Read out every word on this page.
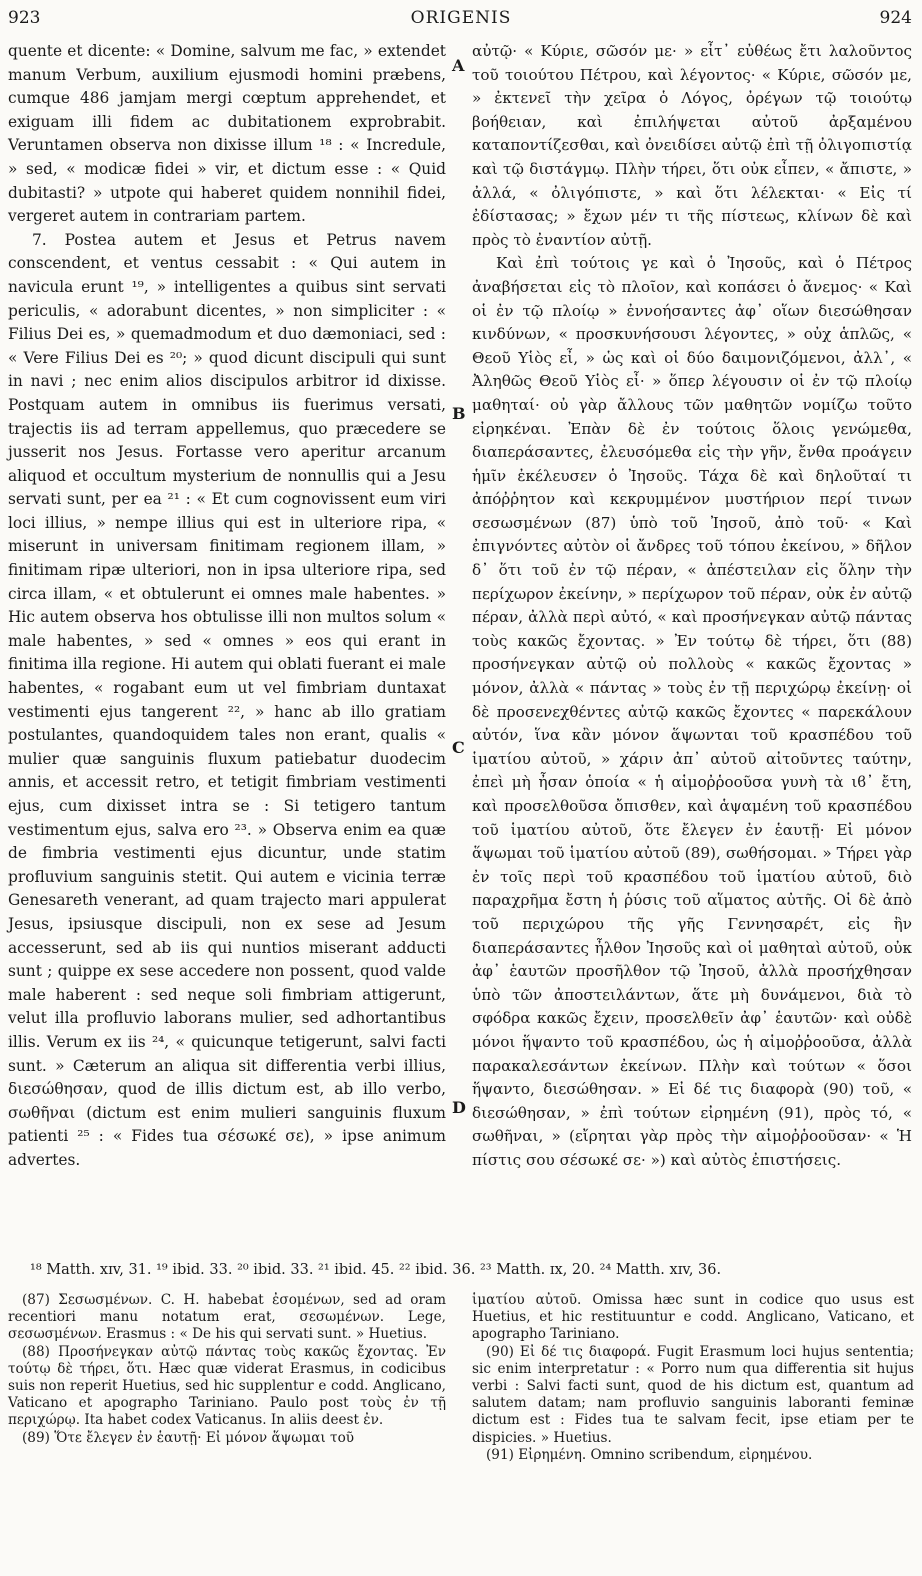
923	ORIGENIS	924

quente et dicente: « Domine, salvum me fac, » extendet manum Verbum, auxilium ejusmodi homini præbens, cumque 486 jamjam mergi cœptum apprehendet, et exiguam illi fidem ac dubitationem exprobrabit. Veruntamen observa non dixisse illum ¹⁸ : « Incredule, » sed, « modicæ fidei » vir, et dictum esse : « Quid dubitasti? » utpote qui haberet quidem nonnihil fidei, vergeret autem in contrariam partem.

7. Postea autem et Jesus et Petrus navem conscendent, et ventus cessabit : « Qui autem in navicula erunt ¹⁹, » intelligentes a quibus sint servati periculis, « adorabunt dicentes, » non simpliciter : « Filius Dei es, » quemadmodum et duo dæmoniaci, sed : « Vere Filius Dei es ²⁰; » quod dicunt discipuli qui sunt in navi ; nec enim alios discipulos arbitror id dixisse. Postquam autem in omnibus iis fuerimus versati, trajectis iis ad terram appellemus, quo præcedere se jusserit nos Jesus. Fortasse vero aperitur arcanum aliquod et occultum mysterium de nonnullis qui a Jesu servati sunt, per ea ²¹ : « Et cum cognovissent eum viri loci illius, » nempe illius qui est in ulteriore ripa, « miserunt in universam finitimam regionem illam, » finitimam ripæ ulteriori, non in ipsa ulteriore ripa, sed circa illam, « et obtulerunt ei omnes male habentes. » Hic autem observa hos obtulisse illi non multos solum « male habentes, » sed « omnes » eos qui erant in finitima illa regione. Hi autem qui oblati fuerant ei male habentes, « rogabant eum ut vel fimbriam duntaxat vestimenti ejus tangerent ²², » hanc ab illo gratiam postulantes, quandoquidem tales non erant, qualis « mulier quæ sanguinis fluxum patiebatur duodecim annis, et accessit retro, et tetigit fimbriam vestimenti ejus, cum dixisset intra se : Si tetigero tantum vestimentum ejus, salva ero ²³. » Observa enim ea quæ de fimbria vestimenti ejus dicuntur, unde statim profluvium sanguinis stetit. Qui autem e vicinia terræ Genesareth venerant, ad quam trajecto mari appulerat Jesus, ipsiusque discipuli, non ex sese ad Jesum accesserunt, sed ab iis qui nuntios miserant adducti sunt ; quippe ex sese accedere non possent, quod valde male haberent : sed neque soli fimbriam attigerunt, velut illa profluvio laborans mulier, sed adhortantibus illis. Verum ex iis ²⁴, « quicunque tetigerunt, salvi facti sunt. » Cæterum an aliqua sit differentia verbi illius, διεσώθησαν, quod de illis dictum est, ab illo verbo, σωθῆναι (dictum est enim mulieri sanguinis fluxum patienti ²⁵ : « Fides tua σέσωκέ σε), » ipse animum advertes.

A
B
C
D

αὐτῷ· « Κύριε, σῶσόν με· » εἶτ᾽ εὐθέως ἔτι λαλοῦντος τοῦ τοιούτου Πέτρου, καὶ λέγοντος· « Κύριε, σῶσόν με, » ἐκτενεῖ τὴν χεῖρα ὁ Λόγος, ὀρέγων τῷ τοιούτῳ βοήθειαν, καὶ ἐπιλήψεται αὐτοῦ ἀρξαμένου καταποντίζεσθαι, καὶ ὀνειδίσει αὐτῷ ἐπὶ τῇ ὀλιγοπιστίᾳ καὶ τῷ διστάγμῳ. Πλὴν τήρει, ὅτι οὐκ εἶπεν, « ἄπιστε, » ἀλλά, « ὀλιγόπιστε, » καὶ ὅτι λέλεκται· « Εἰς τί ἐδίστασας; » ἔχων μέν τι τῆς πίστεως, κλίνων δὲ καὶ πρὸς τὸ ἐναντίον αὐτῇ.

Καὶ ἐπὶ τούτοις γε καὶ ὁ Ἰησοῦς, καὶ ὁ Πέτρος ἀναβήσεται εἰς τὸ πλοῖον, καὶ κοπάσει ὁ ἄνεμος· « Καὶ οἱ ἐν τῷ πλοίῳ » ἐννοήσαντες ἀφ᾽ οἵων διεσώθησαν κινδύνων, « προσκυνήσουσι λέγοντες, » οὐχ ἁπλῶς, « Θεοῦ Υἱὸς εἶ, » ὡς καὶ οἱ δύο δαιμονιζόμενοι, ἀλλ᾽, « Ἀληθῶς Θεοῦ Υἱὸς εἶ· » ὅπερ λέγουσιν οἱ ἐν τῷ πλοίῳ μαθηταί· οὐ γὰρ ἄλλους τῶν μαθητῶν νομίζω τοῦτο εἰρηκέναι. Ἐπὰν δὲ ἐν τούτοις ὅλοις γενώμεθα, διαπεράσαντες, ἐλευσόμεθα εἰς τὴν γῆν, ἔνθα προάγειν ἡμῖν ἐκέλευσεν ὁ Ἰησοῦς. Τάχα δὲ καὶ δηλοῦταί τι ἀπόῤῥητον καὶ κεκρυμμένον μυστήριον περί τινων σεσωσμένων (87) ὑπὸ τοῦ Ἰησοῦ, ἀπὸ τοῦ· « Καὶ ἐπιγνόντες αὐτὸν οἱ ἄνδρες τοῦ τόπου ἐκείνου, » δῆλον δ᾽ ὅτι τοῦ ἐν τῷ πέραν, « ἀπέστειλαν εἰς ὅλην τὴν περίχωρον ἐκείνην, » περίχωρον τοῦ πέραν, οὐκ ἐν αὐτῷ πέραν, ἀλλὰ περὶ αὐτό, « καὶ προσήνεγκαν αὐτῷ πάντας τοὺς κακῶς ἔχοντας. » Ἐν τούτῳ δὲ τήρει, ὅτι (88) προσήνεγκαν αὐτῷ οὐ πολλοὺς « κακῶς ἔχοντας » μόνον, ἀλλὰ « πάντας » τοὺς ἐν τῇ περιχώρῳ ἐκείνῃ· οἱ δὲ προσενεχθέντες αὐτῷ κακῶς ἔχοντες « παρεκάλουν αὐτόν, ἵνα κἂν μόνον ἅψωνται τοῦ κρασπέδου τοῦ ἱματίου αὐτοῦ, » χάριν ἀπ᾽ αὐτοῦ αἰτοῦντες ταύτην, ἐπεὶ μὴ ἦσαν ὁποία « ἡ αἱμοῤῥοοῦσα γυνὴ τὰ ιϐ᾽ ἔτη, καὶ προσελθοῦσα ὄπισθεν, καὶ ἁψαμένη τοῦ κρασπέδου τοῦ ἱματίου αὐτοῦ, ὅτε ἔλεγεν ἐν ἑαυτῇ· Εἰ μόνον ἅψωμαι τοῦ ἱματίου αὐτοῦ (89), σωθήσομαι. » Τήρει γὰρ ἐν τοῖς περὶ τοῦ κρασπέδου τοῦ ἱματίου αὐτοῦ, διὸ παραχρῆμα ἔστη ἡ ῥύσις τοῦ αἵματος αὐτῆς. Οἱ δὲ ἀπὸ τοῦ περιχώρου τῆς γῆς Γεννησαρέτ, εἰς ἣν διαπεράσαντες ἦλθον Ἰησοῦς καὶ οἱ μαθηταὶ αὐτοῦ, οὐκ ἀφ᾽ ἑαυτῶν προσῆλθον τῷ Ἰησοῦ, ἀλλὰ προσήχθησαν ὑπὸ τῶν ἀποστειλάντων, ἅτε μὴ δυνάμενοι, διὰ τὸ σφόδρα κακῶς ἔχειν, προσελθεῖν ἀφ᾽ ἑαυτῶν· καὶ οὐδὲ μόνοι ἥψαντο τοῦ κρασπέδου, ὡς ἡ αἱμοῤῥοοῦσα, ἀλλὰ παρακαλεσάντων ἐκείνων. Πλὴν καὶ τούτων « ὅσοι ἥψαντο, διεσώθησαν. » Εἰ δέ τις διαφορὰ (90) τοῦ, « διεσώθησαν, » ἐπὶ τούτων εἰρημένη (91), πρὸς τό, « σωθῆναι, » (εἴρηται γὰρ πρὸς τὴν αἱμοῤῥοοῦσαν· « Ἡ πίστις σου σέσωκέ σε· ») καὶ αὐτὸς ἐπιστήσεις.

¹⁸ Matth. xɪv, 31. ¹⁹ ibid. 33. ²⁰ ibid. 33. ²¹ ibid. 45. ²² ibid. 36. ²³ Matth. ɪx, 20. ²⁴ Matth. xɪv, 36.

(87) Σεσωσμένων. C. H. habebat ἐσομένων, sed ad oram recentiori manu notatum erat, σεσωμένων. Lege, σεσωσμένων. Erasmus : « De his qui servati sunt. » Huetius.

(88) Προσήνεγκαν αὐτῷ πάντας τοὺς κακῶς ἔχοντας. Ἐν τούτῳ δὲ τήρει, ὅτι. Hæc quæ viderat Erasmus, in codicibus suis non reperit Huetius, sed hic supplentur e codd. Anglicano, Vaticano et apographo Tariniano. Paulo post τοὺς ἐν τῇ περιχώρῳ. Ita habet codex Vaticanus. In aliis deest ἐν.

(89) Ὅτε ἔλεγεν ἐν ἑαυτῇ· Εἰ μόνον ἅψωμαι τοῦ

ἱματίου αὐτοῦ. Omissa hæc sunt in codice quo usus est Huetius, et hic restituuntur e codd. Anglicano, Vaticano, et apographo Tariniano.

(90) Εἰ δέ τις διαφορά. Fugit Erasmum loci hujus sententia; sic enim interpretatur : « Porro num qua differentia sit hujus verbi : Salvi facti sunt, quod de his dictum est, quantum ad salutem datam; nam profluvio sanguinis laboranti feminæ dictum est : Fides tua te salvam fecit, ipse etiam per te dispicies. » Huetius.

(91) Εἰρημένη. Omnino scribendum, εἰρημένου.
